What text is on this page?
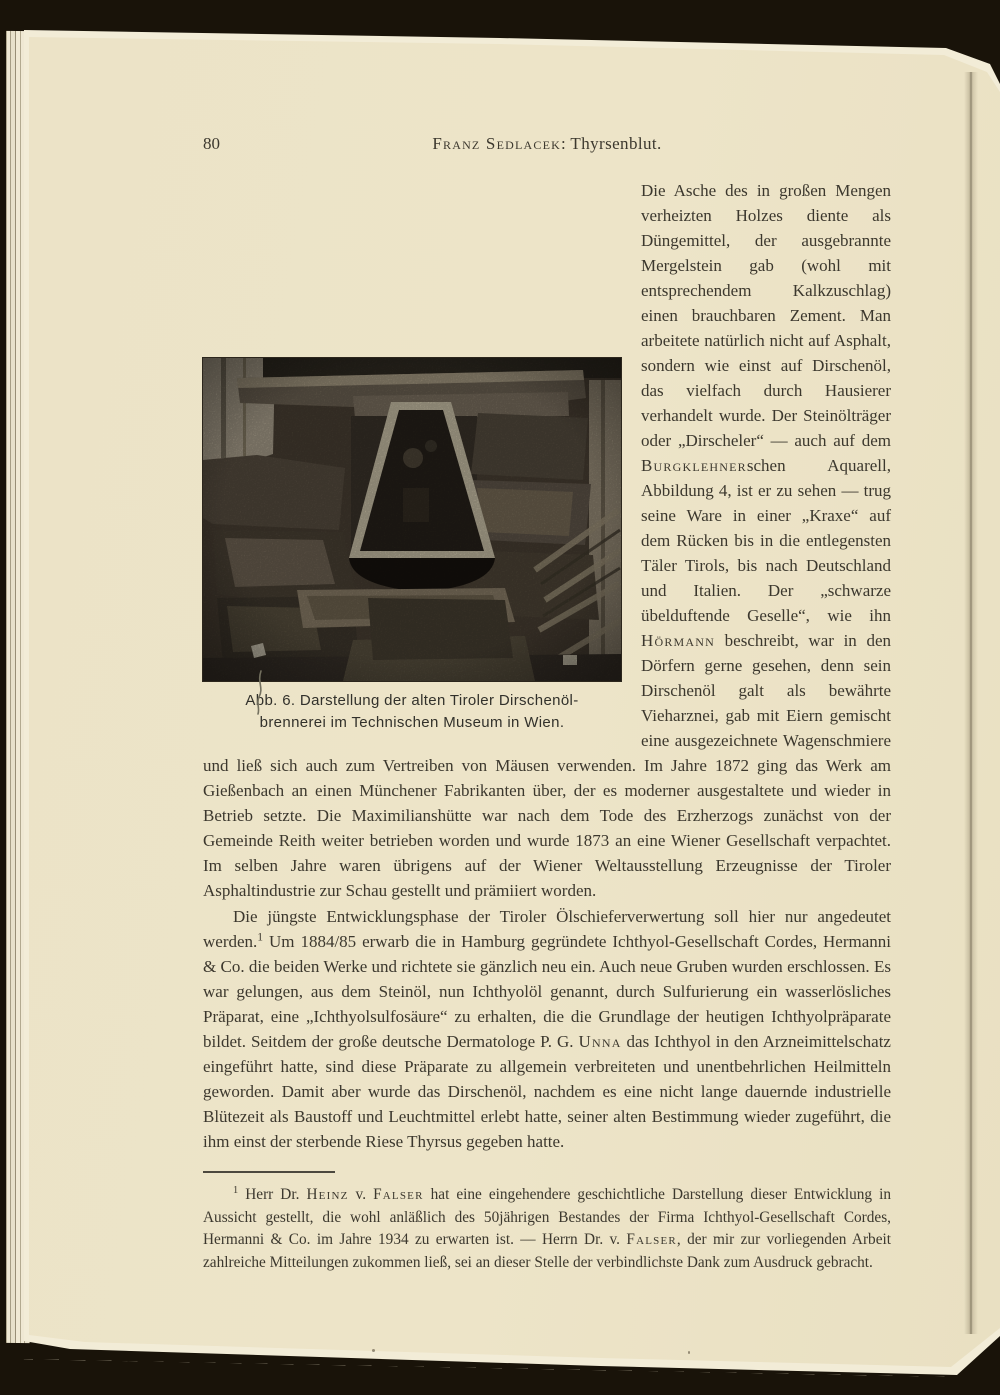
80	Franz Sedlacek: Thyrsenblut.
Abb. 6. Darstellung der alten Tiroler Dirschenöl-
brennerei im Technischen Museum in Wien.

Die Asche des in großen Mengen verheizten Holzes diente als Düngemittel, der ausgebrannte Mergelstein gab (wohl mit entsprechendem Kalkzuschlag) einen brauchbaren Zement. Man arbeitete natürlich nicht auf Asphalt, sondern wie einst auf Dirschenöl, das vielfach durch Hausierer verhandelt wurde. Der Steinölträger oder „Dirscheler“ — auch auf dem Burgklehnerschen Aquarell, Abbildung 4, ist er zu sehen — trug seine Ware in einer „Kraxe“ auf dem Rücken bis in die entlegensten Täler Tirols, bis nach Deutschland und Italien. Der „schwarze übelduftende Geselle“, wie ihn Hörmann beschreibt, war in den Dörfern gerne gesehen, denn sein Dirschenöl galt als bewährte Vieharznei, gab mit Eiern gemischt eine ausgezeichnete Wagenschmiere und ließ sich auch zum Vertreiben von Mäusen verwenden. Im Jahre 1872 ging das Werk am Gießenbach an einen Münchener Fabrikanten über, der es moderner ausgestaltete und wieder in Betrieb setzte. Die Maximilianshütte war nach dem Tode des Erzherzogs zunächst von der Gemeinde Reith weiter betrieben worden und wurde 1873 an eine Wiener Gesellschaft verpachtet. Im selben Jahre waren übrigens auf der Wiener Weltausstellung Erzeugnisse der Tiroler Asphaltindustrie zur Schau gestellt und prämiiert worden.

Die jüngste Entwicklungsphase der Tiroler Ölschieferverwertung soll hier nur angedeutet werden.$^1$ Um 1884/85 erwarb die in Hamburg gegründete Ichthyol-Gesellschaft Cordes, Hermanni & Co. die beiden Werke und richtete sie gänzlich neu ein. Auch neue Gruben wurden erschlossen. Es war gelungen, aus dem Steinöl, nun Ichthyolöl genannt, durch Sulfurierung ein wasserlösliches Präparat, eine „Ichthyolsulfosäure“ zu erhalten, die die Grundlage der heutigen Ichthyolpräparate bildet. Seitdem der große deutsche Dermatologe P. G. Unna das Ichthyol in den Arzneimittelschatz eingeführt hatte, sind diese Präparate zu allgemein verbreiteten und unentbehrlichen Heilmitteln geworden. Damit aber wurde das Dirschenöl, nachdem es eine nicht lange dauernde industrielle Blütezeit als Baustoff und Leuchtmittel erlebt hatte, seiner alten Bestimmung wieder zugeführt, die ihm einst der sterbende Riese Thyrsus gegeben hatte.

$^1$ Herr Dr. Heinz v. Falser hat eine eingehendere geschichtliche Darstellung dieser Entwicklung in Aussicht gestellt, die wohl anläßlich des 50jährigen Bestandes der Firma Ichthyol-Gesellschaft Cordes, Hermanni & Co. im Jahre 1934 zu erwarten ist. — Herrn Dr. v. Falser, der mir zur vorliegenden Arbeit zahlreiche Mitteilungen zukommen ließ, sei an dieser Stelle der verbindlichste Dank zum Ausdruck gebracht.
